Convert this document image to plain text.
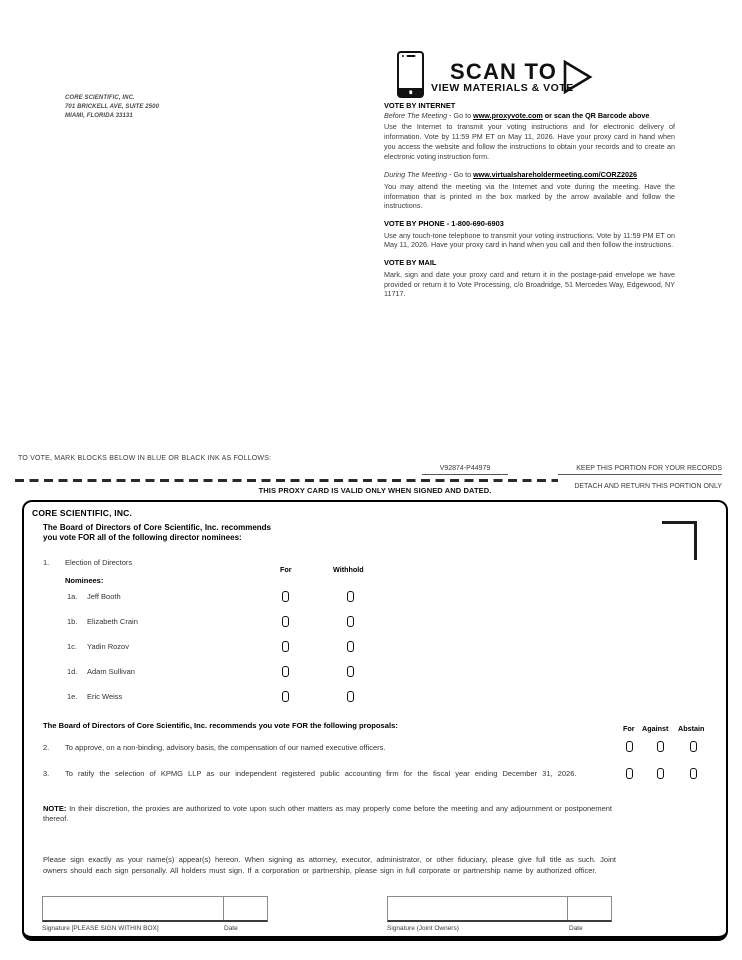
CORE SCIENTIFIC, INC.
701 BRICKELL AVE, SUITE 2500
MIAMI, FLORIDA 33131
SCAN TO
VIEW MATERIALS & VOTE
VOTE BY INTERNET
Before The Meeting - Go to www.proxyvote.com or scan the QR Barcode above
Use the Internet to transmit your voting instructions and for electronic delivery of information. Vote by 11:59 PM ET on May 11, 2026. Have your proxy card in hand when you access the website and follow the instructions to obtain your records and to create an electronic voting instruction form.
During The Meeting - Go to www.virtualshareholdermeeting.com/CORZ2026
You may attend the meeting via the Internet and vote during the meeting. Have the information that is printed in the box marked by the arrow available and follow the instructions.
VOTE BY PHONE - 1-800-690-6903
Use any touch-tone telephone to transmit your voting instructions. Vote by 11:59 PM ET on May 11, 2026. Have your proxy card in hand when you call and then follow the instructions.
VOTE BY MAIL
Mark, sign and date your proxy card and return it in the postage-paid envelope we have provided or return it to Vote Processing, c/o Broadridge, 51 Mercedes Way, Edgewood, NY 11717.
TO VOTE, MARK BLOCKS BELOW IN BLUE OR BLACK INK AS FOLLOWS:
V92874-P44979	KEEP THIS PORTION FOR YOUR RECORDS
THIS PROXY CARD IS VALID ONLY WHEN SIGNED AND DATED.	DETACH AND RETURN THIS PORTION ONLY
CORE SCIENTIFIC, INC.
The Board of Directors of Core Scientific, Inc. recommends you vote FOR all of the following director nominees:
1. Election of Directors
For	Withhold
Nominees:
1a. Jeff Booth
1b. Elizabeth Crain
1c. Yadin Rozov
1d. Adam Sullivan
1e. Eric Weiss
The Board of Directors of Core Scientific, Inc. recommends you vote FOR the following proposals:	For Against Abstain
2. To approve, on a non-binding, advisory basis, the compensation of our named executive officers.
3. To ratify the selection of KPMG LLP as our independent registered public accounting firm for the fiscal year ending December 31, 2026.
NOTE: In their discretion, the proxies are authorized to vote upon such other matters as may properly come before the meeting and any adjournment or postponement thereof.
Please sign exactly as your name(s) appear(s) hereon. When signing as attorney, executor, administrator, or other fiduciary, please give full title as such. Joint owners should each sign personally. All holders must sign. If a corporation or partnership, please sign in full corporate or partnership name by authorized officer.
Signature [PLEASE SIGN WITHIN BOX]	Date	Signature (Joint Owners)	Date
